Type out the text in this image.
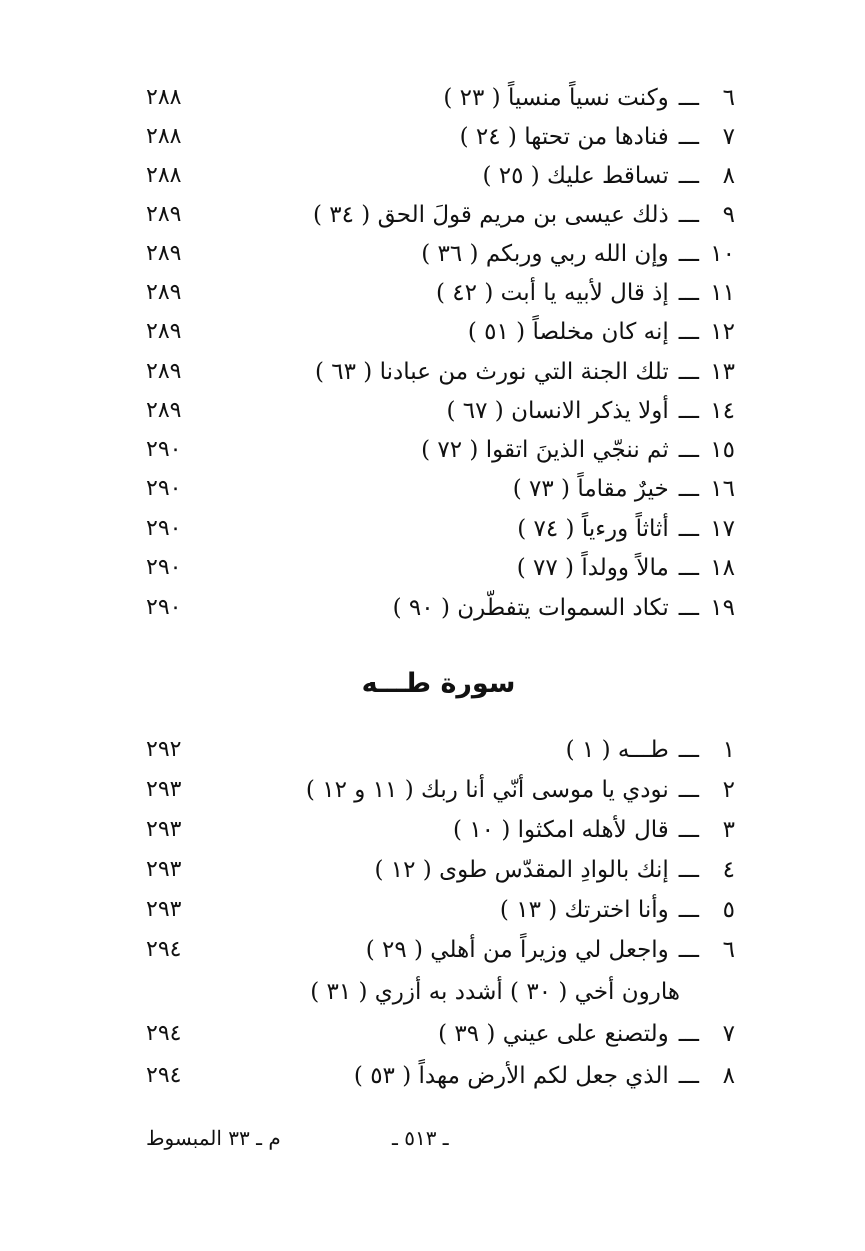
٦ـــوكنت نسياً منسياً ( ٢٣ )
٢٨٨
٧ـــفنادها من تحتها ( ٢٤ )
٢٨٨
٨ـــتساقط عليك ( ٢٥ )
٢٨٨
٩ـــذلك عيسى بن مريم قولَ الحق ( ٣٤ )
٢٨٩
١٠ـــوإن الله ربي وربكم ( ٣٦ )
٢٨٩
١١ـــإذ قال لأبيه يا أبت ( ٤٢ )
٢٨٩
١٢ـــإنه كان مخلصاً ( ٥١ )
٢٨٩
١٣ـــتلك الجنة التي نورث من عبادنا ( ٦٣ )
٢٨٩
١٤ـــأولا يذكر الانسان ( ٦٧ )
٢٨٩
١٥ـــثم ننجّي الذينَ اتقوا ( ٧٢ )
٢٩٠
١٦ـــخيرٌ مقاماً ( ٧٣ )
٢٩٠
١٧ـــأثاثاً ورءياً ( ٧٤ )
٢٩٠
١٨ـــمالاً وولداً ( ٧٧ )
٢٩٠
١٩ـــتكاد السموات يتفطّرن ( ٩٠ )
٢٩٠
سورة طـــه
١ـــطـــه ( ١ )
٢٩٢
٢ـــنودي يا موسى أنّي أنا ربك ( ١١ و ١٢ )
٢٩٣
٣ـــقال لأهله امكثوا ( ١٠ )
٢٩٣
٤ـــإنك بالوادِ المقدّس طوى ( ١٢ )
٢٩٣
٥ـــوأنا اخترتك ( ١٣ )
٢٩٣
٦ـــواجعل لي وزيراً من أهلي ( ٢٩ )
٢٩٤
هارون أخي ( ٣٠ ) أشدد به أزري ( ٣١ )
٧ـــولتصنع على عيني ( ٣٩ )
٢٩٤
٨ـــالذي جعل لكم الأرض مهداً ( ٥٣ )
٢٩٤
ـ ٥١٣ ـ
م ـ ٣٣ المبسوط
